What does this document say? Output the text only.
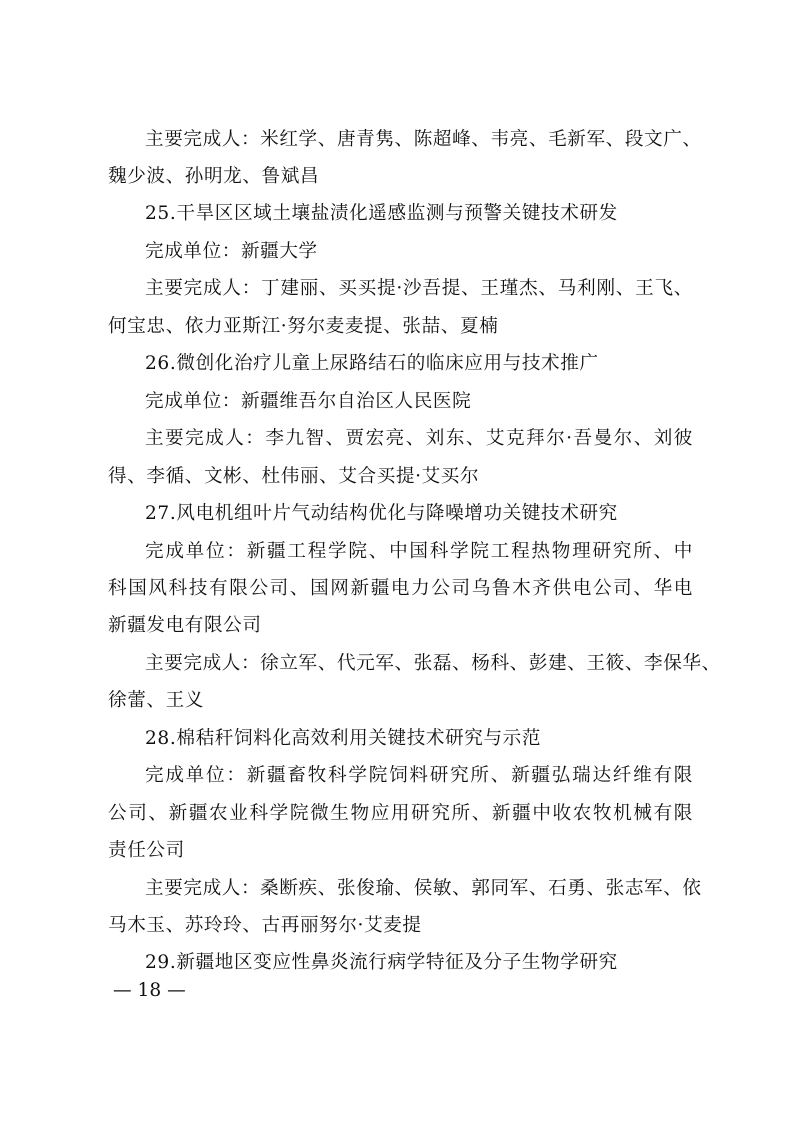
主要完成人：米红学、唐青隽、陈超峰、韦亮、毛新军、段文广、
魏少波、孙明龙、鲁斌昌
25.干旱区区域土壤盐渍化遥感监测与预警关键技术研发
完成单位：新疆大学
主要完成人：丁建丽、买买提·沙吾提、王瑾杰、马利刚、王飞、
何宝忠、依力亚斯江·努尔麦麦提、张喆、夏楠
26.微创化治疗儿童上尿路结石的临床应用与技术推广
完成单位：新疆维吾尔自治区人民医院
主要完成人：李九智、贾宏亮、刘东、艾克拜尔·吾曼尔、刘彼
得、李循、文彬、杜伟丽、艾合买提·艾买尔
27.风电机组叶片气动结构优化与降噪增功关键技术研究
完成单位：新疆工程学院、中国科学院工程热物理研究所、中
科国风科技有限公司、国网新疆电力公司乌鲁木齐供电公司、华电
新疆发电有限公司
主要完成人：徐立军、代元军、张磊、杨科、彭建、王筱、李保华、
徐蕾、王义
28.棉秸秆饲料化高效利用关键技术研究与示范
完成单位：新疆畜牧科学院饲料研究所、新疆弘瑞达纤维有限
公司、新疆农业科学院微生物应用研究所、新疆中收农牧机械有限
责任公司
主要完成人：桑断疾、张俊瑜、侯敏、郭同军、石勇、张志军、依
马木玉、苏玲玲、古再丽努尔·艾麦提
29.新疆地区变应性鼻炎流行病学特征及分子生物学研究
— 18 —
